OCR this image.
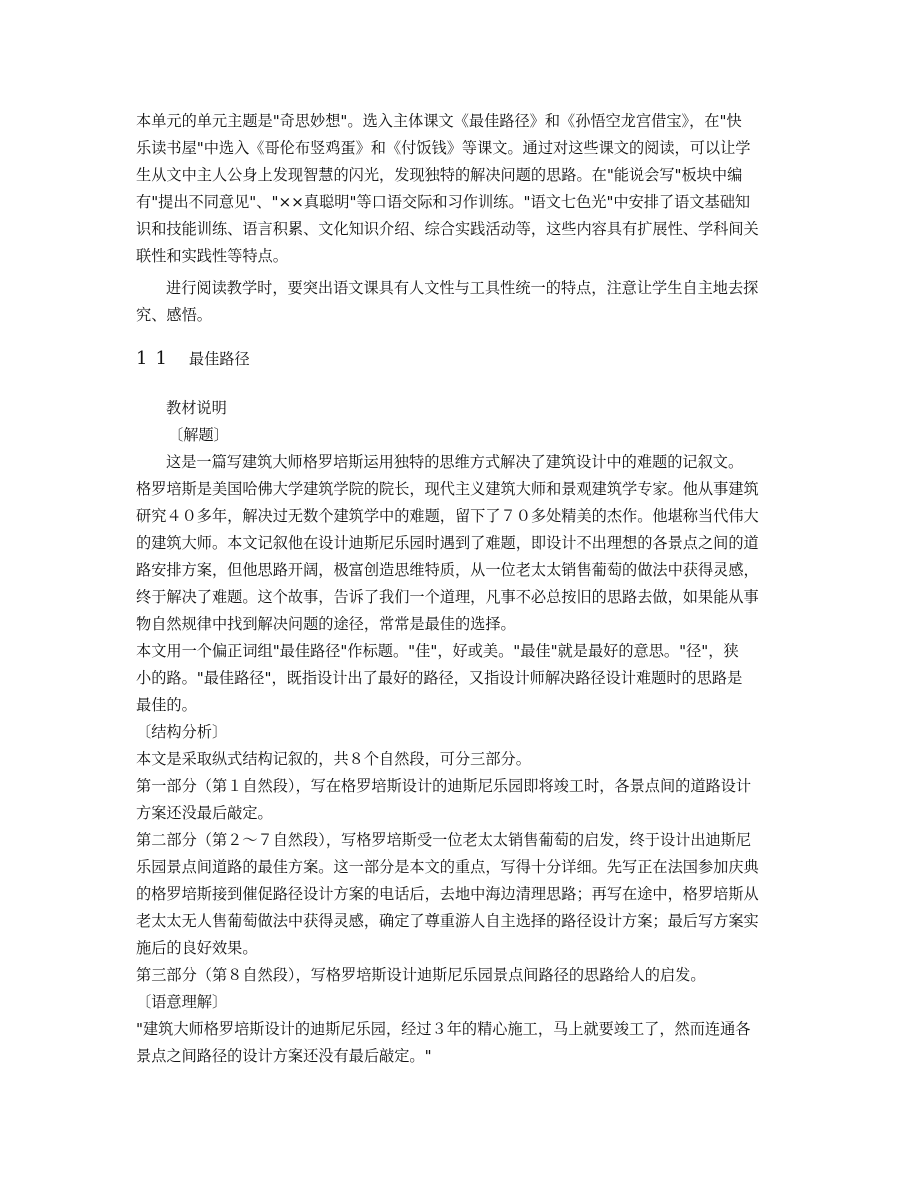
本单元的单元主题是"奇思妙想"。选入主体课文《最佳路径》和《孙悟空龙宫借宝》，在"快
乐读书屋"中选入《哥伦布竖鸡蛋》和《付饭钱》等课文。通过对这些课文的阅读，可以让学
生从文中主人公身上发现智慧的闪光，发现独特的解决问题的思路。在"能说会写"板块中编
有"提出不同意见"、"××真聪明"等口语交际和习作训练。"语文七色光"中安排了语文基础知
识和技能训练、语言积累、文化知识介绍、综合实践活动等，这些内容具有扩展性、学科间关
联性和实践性等特点。
进行阅读教学时，要突出语文课具有人文性与工具性统一的特点，注意让学生自主地去探
究、感悟。
11 最佳路径
教材说明
〔解题〕
这是一篇写建筑大师格罗培斯运用独特的思维方式解决了建筑设计中的难题的记叙文。
格罗培斯是美国哈佛大学建筑学院的院长，现代主义建筑大师和景观建筑学专家。他从事建筑
研究４０多年，解决过无数个建筑学中的难题，留下了７０多处精美的杰作。他堪称当代伟大
的建筑大师。本文记叙他在设计迪斯尼乐园时遇到了难题，即设计不出理想的各景点之间的道
路安排方案，但他思路开阔，极富创造思维特质，从一位老太太销售葡萄的做法中获得灵感，
终于解决了难题。这个故事，告诉了我们一个道理，凡事不必总按旧的思路去做，如果能从事
物自然规律中找到解决问题的途径，常常是最佳的选择。
本文用一个偏正词组"最佳路径"作标题。"佳"，好或美。"最佳"就是最好的意思。"径"，狭
小的路。"最佳路径"，既指设计出了最好的路径，又指设计师解决路径设计难题时的思路是
最佳的。
〔结构分析〕
本文是采取纵式结构记叙的，共８个自然段，可分三部分。
第一部分（第１自然段），写在格罗培斯设计的迪斯尼乐园即将竣工时，各景点间的道路设计
方案还没最后敲定。
第二部分（第２～７自然段），写格罗培斯受一位老太太销售葡萄的启发，终于设计出迪斯尼
乐园景点间道路的最佳方案。这一部分是本文的重点，写得十分详细。先写正在法国参加庆典
的格罗培斯接到催促路径设计方案的电话后，去地中海边清理思路；再写在途中，格罗培斯从
老太太无人售葡萄做法中获得灵感，确定了尊重游人自主选择的路径设计方案；最后写方案实
施后的良好效果。
第三部分（第８自然段），写格罗培斯设计迪斯尼乐园景点间路径的思路给人的启发。
〔语意理解〕
"建筑大师格罗培斯设计的迪斯尼乐园，经过３年的精心施工，马上就要竣工了，然而连通各
景点之间路径的设计方案还没有最后敲定。"
